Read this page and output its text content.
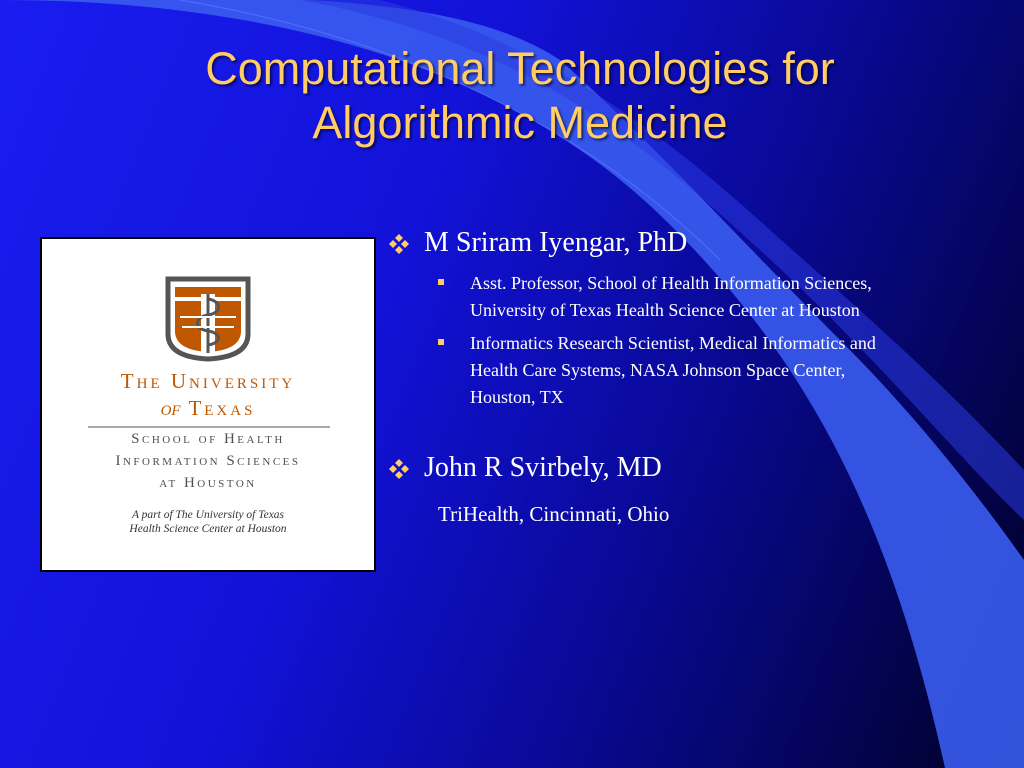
Computational Technologies for
Algorithmic Medicine
The University
of Texas
School of Health
Information Sciences
at Houston
A part of The University of Texas
Health Science Center at Houston
M Sriram Iyengar, PhD
Asst. Professor, School of Health Information Sciences, University of Texas Health Science Center at Houston
Informatics Research Scientist, Medical Informatics and Health Care Systems, NASA Johnson Space Center, Houston, TX
John R Svirbely, MD
TriHealth, Cincinnati, Ohio
